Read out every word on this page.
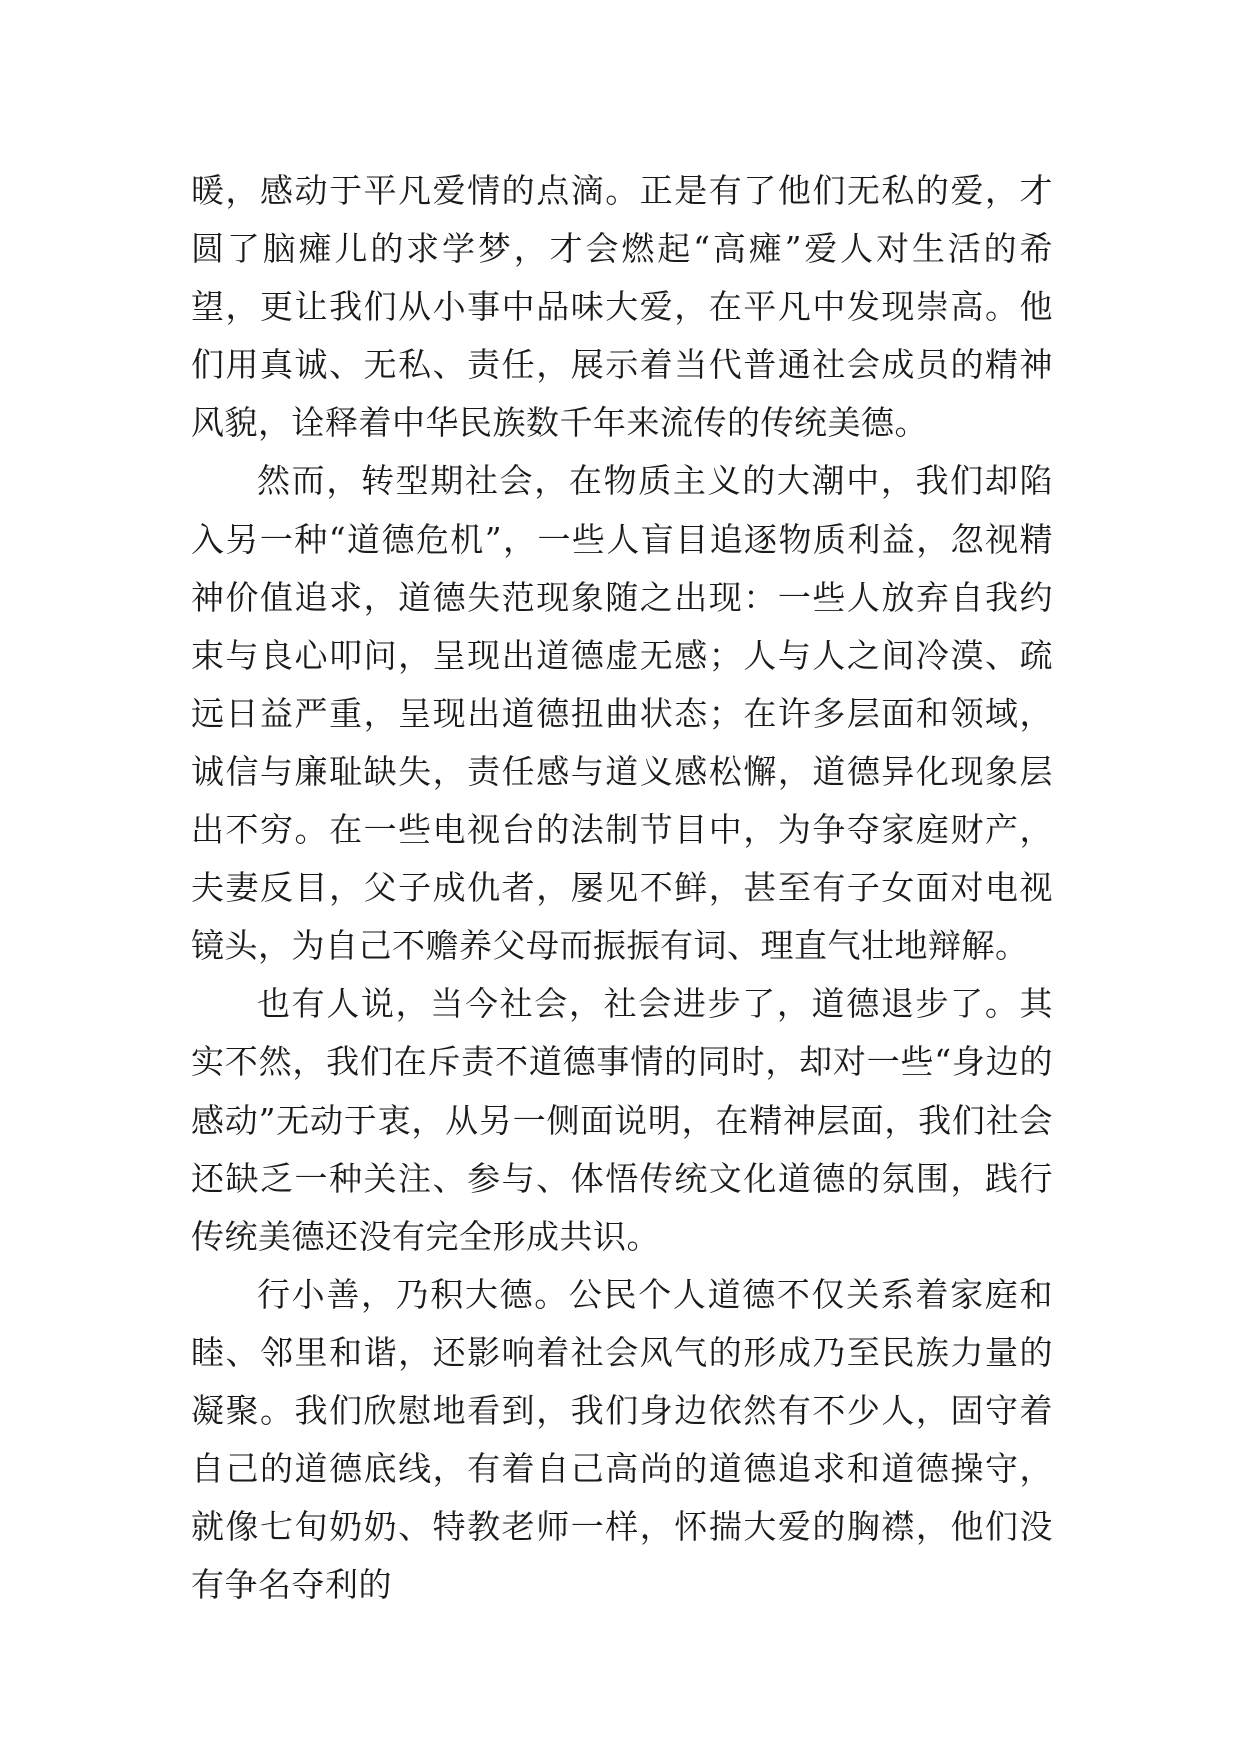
暖，感动于平凡爱情的点滴。正是有了他们无私的爱，才圆了脑瘫儿的求学梦，才会燃起“高瘫”爱人对生活的希望，更让我们从小事中品味大爱，在平凡中发现崇高。他们用真诚、无私、责任，展示着当代普通社会成员的精神风貌，诠释着中华民族数千年来流传的传统美德。

然而，转型期社会，在物质主义的大潮中，我们却陷入另一种“道德危机”，一些人盲目追逐物质利益，忽视精神价值追求，道德失范现象随之出现：一些人放弃自我约束与良心叩问，呈现出道德虚无感；人与人之间冷漠、疏远日益严重，呈现出道德扭曲状态；在许多层面和领域，诚信与廉耻缺失，责任感与道义感松懈，道德异化现象层出不穷。在一些电视台的法制节目中，为争夺家庭财产，夫妻反目，父子成仇者，屡见不鲜，甚至有子女面对电视镜头，为自己不赡养父母而振振有词、理直气壮地辩解。

也有人说，当今社会，社会进步了，道德退步了。其实不然，我们在斥责不道德事情的同时，却对一些“身边的感动”无动于衷，从另一侧面说明，在精神层面，我们社会还缺乏一种关注、参与、体悟传统文化道德的氛围，践行传统美德还没有完全形成共识。

行小善，乃积大德。公民个人道德不仅关系着家庭和睦、邻里和谐，还影响着社会风气的形成乃至民族力量的凝聚。我们欣慰地看到，我们身边依然有不少人，固守着自己的道德底线，有着自己高尚的道德追求和道德操守，就像七旬奶奶、特教老师一样，怀揣大爱的胸襟，他们没有争名夺利的
